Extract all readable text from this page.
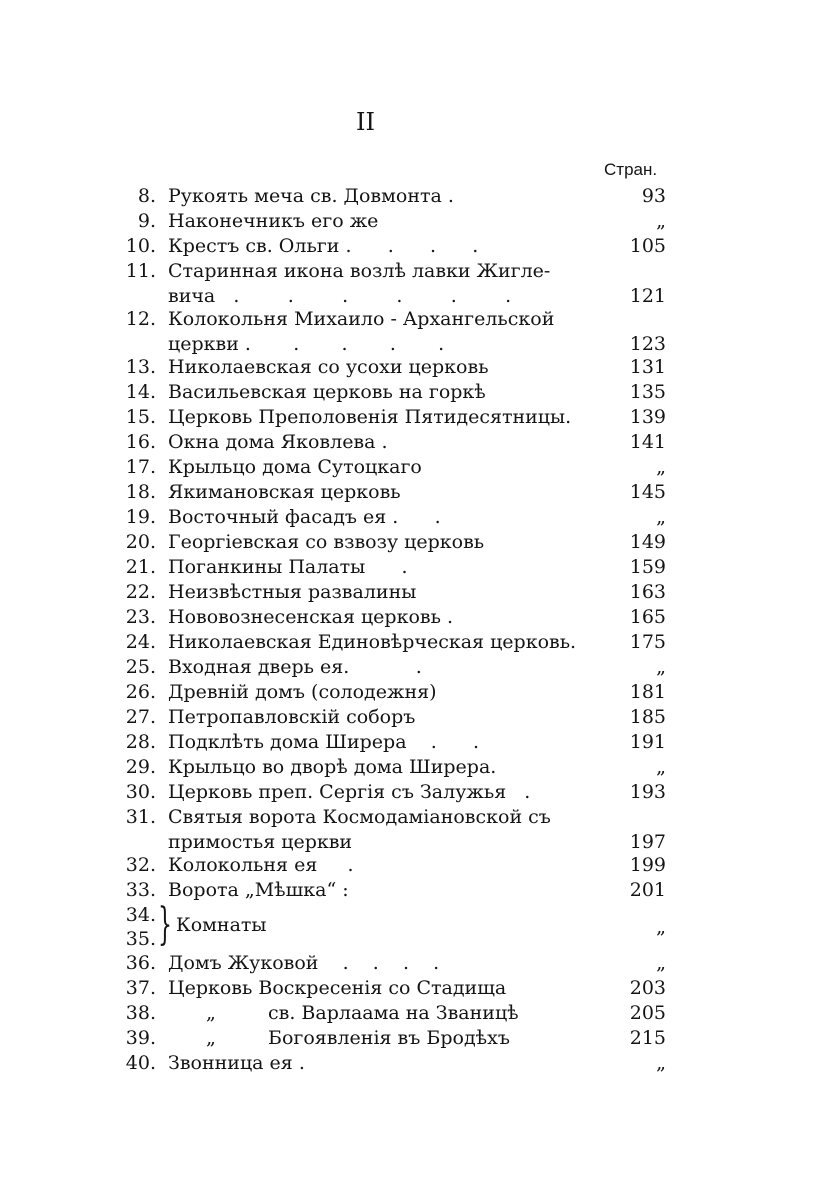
II
Стран.
8. Рукоять меча св. Довмонта .	93
9. Наконечникъ его же	„
10. Крестъ св. Ольги .      .      .      .	105
11. Старинная икона возлѣ лавки Жигле-
вича   .        .        .        .        .        .	121
12. Колокольня Михаило - Архангельской
церкви .       .       .       .       .	123
13. Николаевская со усохи церковь	131
14. Васильевская церковь на горкѣ	135
15. Церковь Преполовенія Пятидесятницы.	139
16. Окна дома Яковлева .	141
17. Крыльцо дома Сутоцкаго	„
18. Якимановская церковь	145
19. Восточный фасадъ ея .      .	„
20. Георгіевская со взвозу церковь	149
21. Поганкины Палаты      .	159
22. Неизвѣстныя развалины	163
23. Нововознесенская церковь .	165
24. Николаевская Единовѣрческая церковь.	175
25. Входная дверь ея.           .	„
26. Древній домъ (солодежня)	181
27. Петропавловскій соборъ	185
28. Подклѣть дома Ширера    .      .	191
29. Крыльцо во дворѣ дома Ширера.	„
30. Церковь преп. Сергія съ Залужья   .	193
31. Святыя ворота Космодаміановской съ
примостья церкви	197
32. Колокольня ея     .	199
33. Ворота „Мѣшка“ :	201
34.
35. } Комнаты	„
36. Домъ Жуковой    .    .    .    .	„
37. Церковь Воскресенія со Стадища	203
38.	„	св. Варлаама на Званицѣ	205
39.	„	Богоявленія въ Бродѣхъ	215
40. Звонница ея .	„
